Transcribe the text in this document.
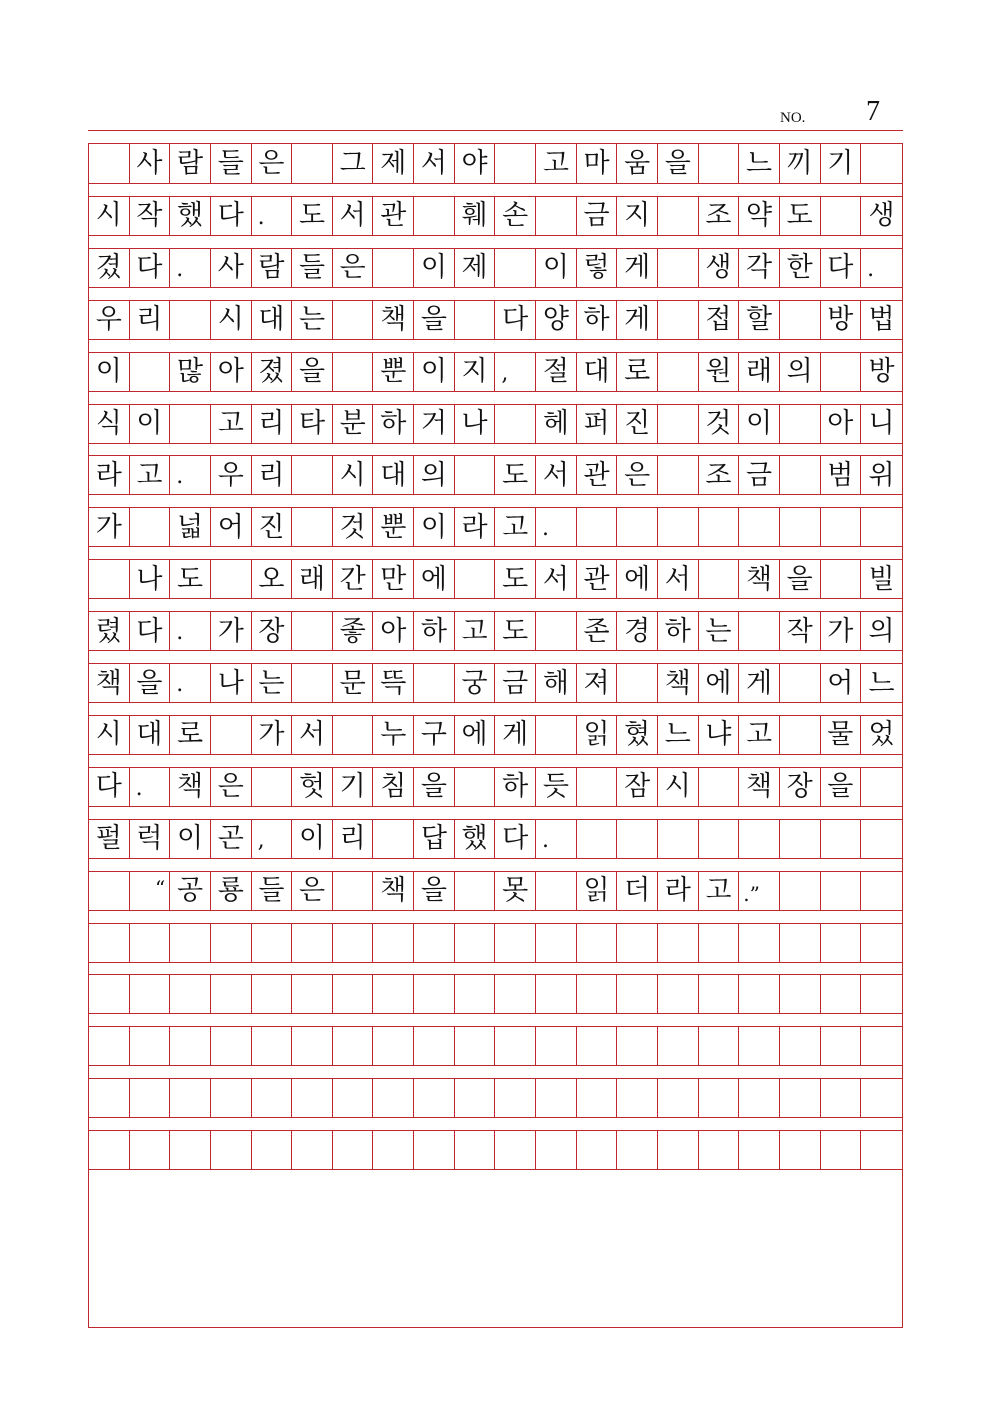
NO. 7
사 람 들 은 그 제 서 야 고 마 움 을 느 끼 기
시 작 했 다 .	도 서 관 훼 손 금 지 조 약 도 생
겼 다 .	사 람 들 은 이 제 이 렇 게 생 각 한 다 .
우 리 시 대 는 책 을 다 양 하 게 접 할 방 법
이 많 아 졌 을 뿐 이 지 ,	절 대 로 원 래 의 방
식 이 고 리 타 분 하 거 나 헤 퍼 진 것 이 아 니
라 고 .	우 리 시 대 의 도 서 관 은 조 금 범 위
가 넓 어 진 것 뿐 이 라 고 .
나 도 오 래 간 만 에 도 서 관 에 서 책 을 빌
렸 다 .	가 장 좋 아 하 고 도 존 경 하 는 작 가 의
책 을 .	나 는 문 뜩 궁 금 해 져 책 에 게 어 느
시 대 로 가 서 누 구 에 게 읽 혔 느 냐 고 물 었
다 .	책 은 헛 기 침 을 하 듯 잠 시 책 장 을
펄 럭 이 곤 ,	이 리 답 했 다 .
“ 공 룡 들 은 책 을 못 읽 더 라 고 .”
